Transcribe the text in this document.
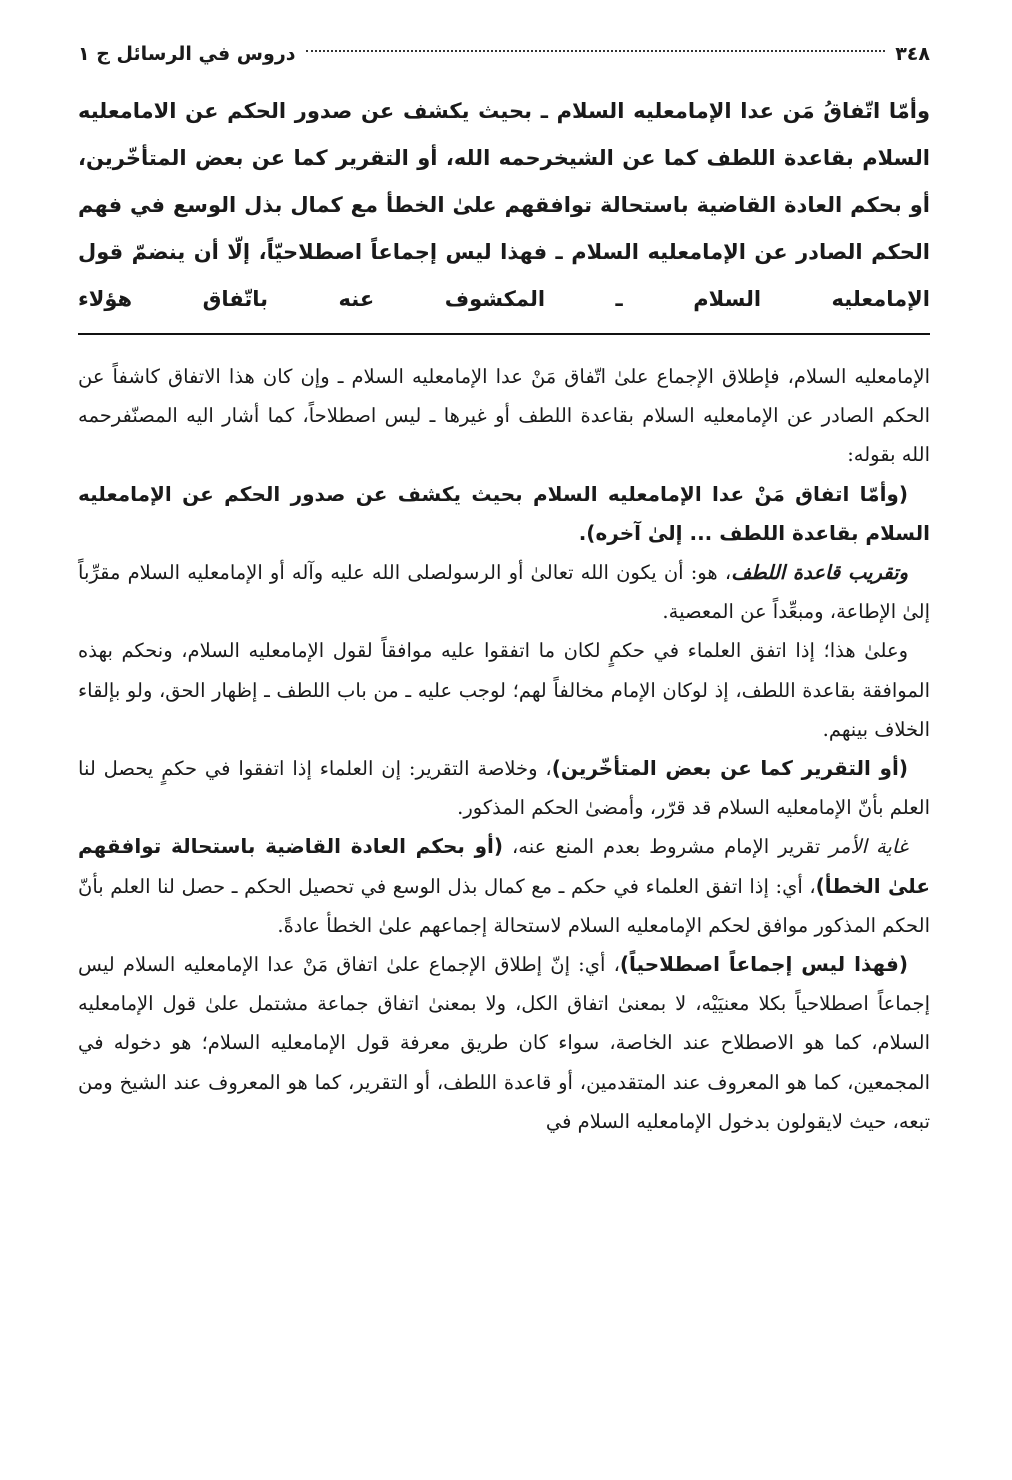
٣٤٨
دروس في الرسائل ج ١

وأمّا اتّفاقُ مَن عدا الإمامعليه السلام ـ بحيث يكشف عن صدور الحكم عن الامامعليه السلام بقاعدة اللطف كما عن الشيخرحمه الله، أو التقرير كما عن بعض المتأخّرين، أو بحكم العادة القاضية باستحالة توافقهم علىٰ الخطأ مع كمال بذل الوسع في فهم الحكم الصادر عن الإمامعليه السلام ـ فهذا ليس إجماعاً اصطلاحيّاً، إلّا أن ينضمّ قول الإمامعليه السلام ـ المكشوف عنه باتّفاق هؤلاء

الإمامعليه السلام، فإطلاق الإجماع علىٰ اتّفاق مَنْ عدا الإمامعليه السلام ـ وإن كان هذا الاتفاق كاشفاً عن الحكم الصادر عن الإمامعليه السلام بقاعدة اللطف أو غيرها ـ ليس اصطلاحاً، كما أشار اليه المصنّفرحمه الله بقوله:

(وأمّا اتفاق مَنْ عدا الإمامعليه السلام بحيث يكشف عن صدور الحكم عن الإمامعليه السلام بقاعدة اللطف ... إلىٰ آخره).

وتقريب قاعدة اللطف، هو: أن يكون الله تعالىٰ أو الرسولصلى الله عليه وآله أو الإمامعليه السلام مقرِّباً إلىٰ الإطاعة، ومبعِّداً عن المعصية.

وعلىٰ هذا؛ إذا اتفق العلماء في حكمٍ لكان ما اتفقوا عليه موافقاً لقول الإمامعليه السلام، ونحكم بهذه الموافقة بقاعدة اللطف، إذ لوكان الإمام مخالفاً لهم؛ لوجب عليه ـ من باب اللطف ـ إظهار الحق، ولو بإلقاء الخلاف بينهم.

(أو التقرير كما عن بعض المتأخّرين)، وخلاصة التقرير: إن العلماء إذا اتفقوا في حكمٍ يحصل لنا العلم بأنّ الإمامعليه السلام قد قرّر، وأمضىٰ الحكم المذكور.

غاية الأمر تقرير الإمام مشروط بعدم المنع عنه، (أو بحكم العادة القاضية باستحالة توافقهم علىٰ الخطأ)، أي: إذا اتفق العلماء في حكم ـ مع كمال بذل الوسع في تحصيل الحكم ـ حصل لنا العلم بأنّ الحكم المذكور موافق لحكم الإمامعليه السلام لاستحالة إجماعهم علىٰ الخطأ عادةً.

(فهذا ليس إجماعاً اصطلاحياً)، أي: إنّ إطلاق الإجماع علىٰ اتفاق مَنْ عدا الإمامعليه السلام ليس إجماعاً اصطلاحياً بكلا معنيَيْه، لا بمعنىٰ اتفاق الكل، ولا بمعنىٰ اتفاق جماعة مشتمل علىٰ قول الإمامعليه السلام، كما هو الاصطلاح عند الخاصة، سواء كان طريق معرفة قول الإمامعليه السلام؛ هو دخوله في المجمعين، كما هو المعروف عند المتقدمين، أو قاعدة اللطف، أو التقرير، كما هو المعروف عند الشيخ ومن تبعه، حيث لايقولون بدخول الإمامعليه السلام في
